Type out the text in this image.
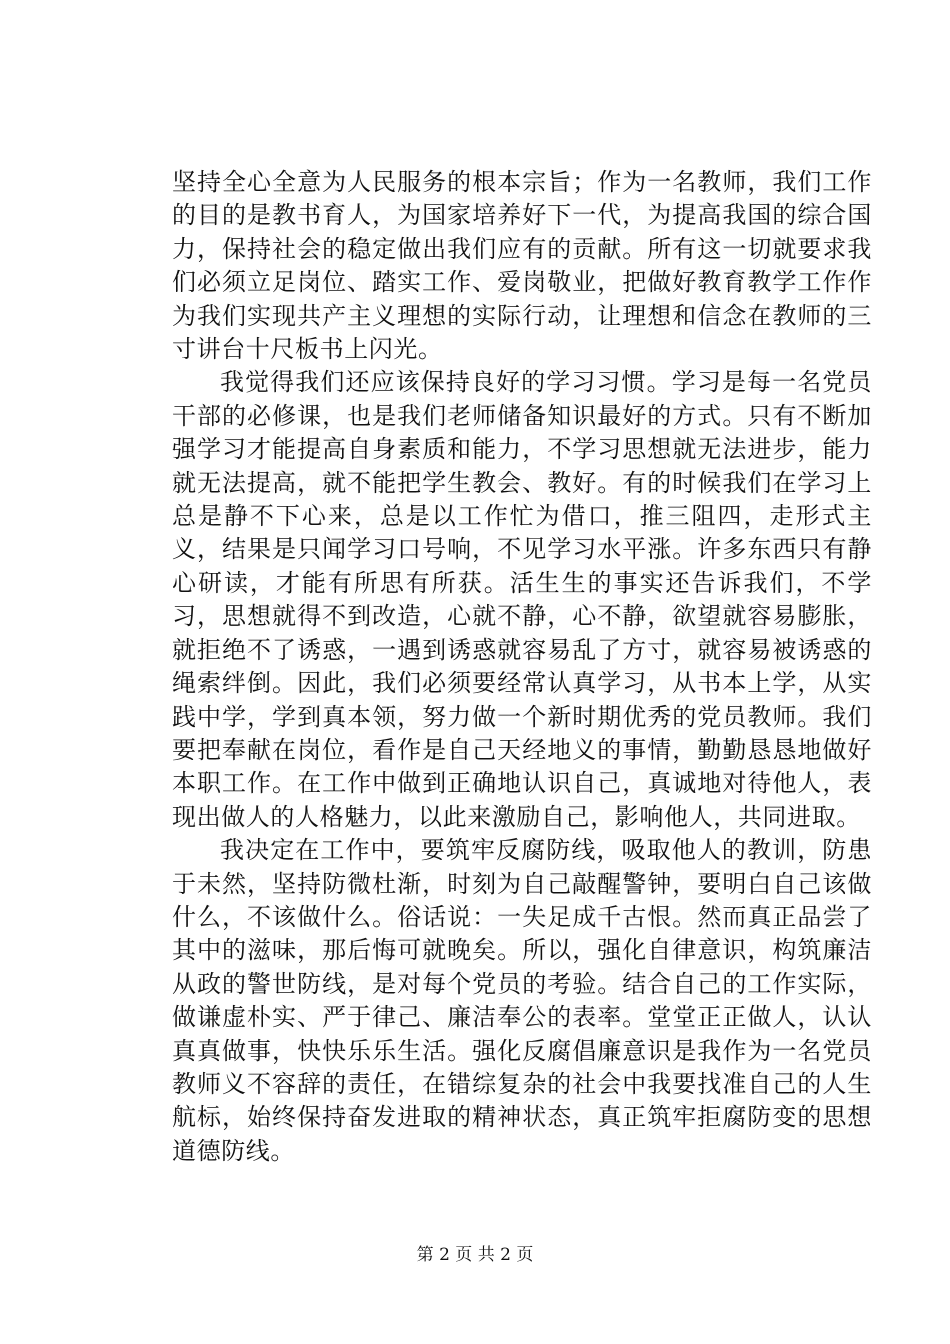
坚持全心全意为人民服务的根本宗旨；作为一名教师，我们工作的目的是教书育人，为国家培养好下一代，为提高我国的综合国力，保持社会的稳定做出我们应有的贡献。所有这一切就要求我们必须立足岗位、踏实工作、爱岗敬业，把做好教育教学工作作为我们实现共产主义理想的实际行动，让理想和信念在教师的三寸讲台十尺板书上闪光。

我觉得我们还应该保持良好的学习习惯。学习是每一名党员干部的必修课，也是我们老师储备知识最好的方式。只有不断加强学习才能提高自身素质和能力，不学习思想就无法进步，能力就无法提高，就不能把学生教会、教好。有的时候我们在学习上总是静不下心来，总是以工作忙为借口，推三阻四，走形式主义，结果是只闻学习口号响，不见学习水平涨。许多东西只有静心研读，才能有所思有所获。活生生的事实还告诉我们，不学习，思想就得不到改造，心就不静，心不静，欲望就容易膨胀，就拒绝不了诱惑，一遇到诱惑就容易乱了方寸，就容易被诱惑的绳索绊倒。因此，我们必须要经常认真学习，从书本上学，从实践中学，学到真本领，努力做一个新时期优秀的党员教师。我们要把奉献在岗位，看作是自己天经地义的事情，勤勤恳恳地做好本职工作。在工作中做到正确地认识自己，真诚地对待他人，表现出做人的人格魅力，以此来激励自己，影响他人，共同进取。

我决定在工作中，要筑牢反腐防线，吸取他人的教训，防患于未然，坚持防微杜渐，时刻为自己敲醒警钟，要明白自己该做什么，不该做什么。俗话说：一失足成千古恨。然而真正品尝了其中的滋味，那后悔可就晚矣。所以，强化自律意识，构筑廉洁从政的警世防线，是对每个党员的考验。结合自己的工作实际，做谦虚朴实、严于律己、廉洁奉公的表率。堂堂正正做人，认认真真做事，快快乐乐生活。强化反腐倡廉意识是我作为一名党员教师义不容辞的责任，在错综复杂的社会中我要找准自己的人生航标，始终保持奋发进取的精神状态，真正筑牢拒腐防变的思想道德防线。

第 2 页 共 2 页
